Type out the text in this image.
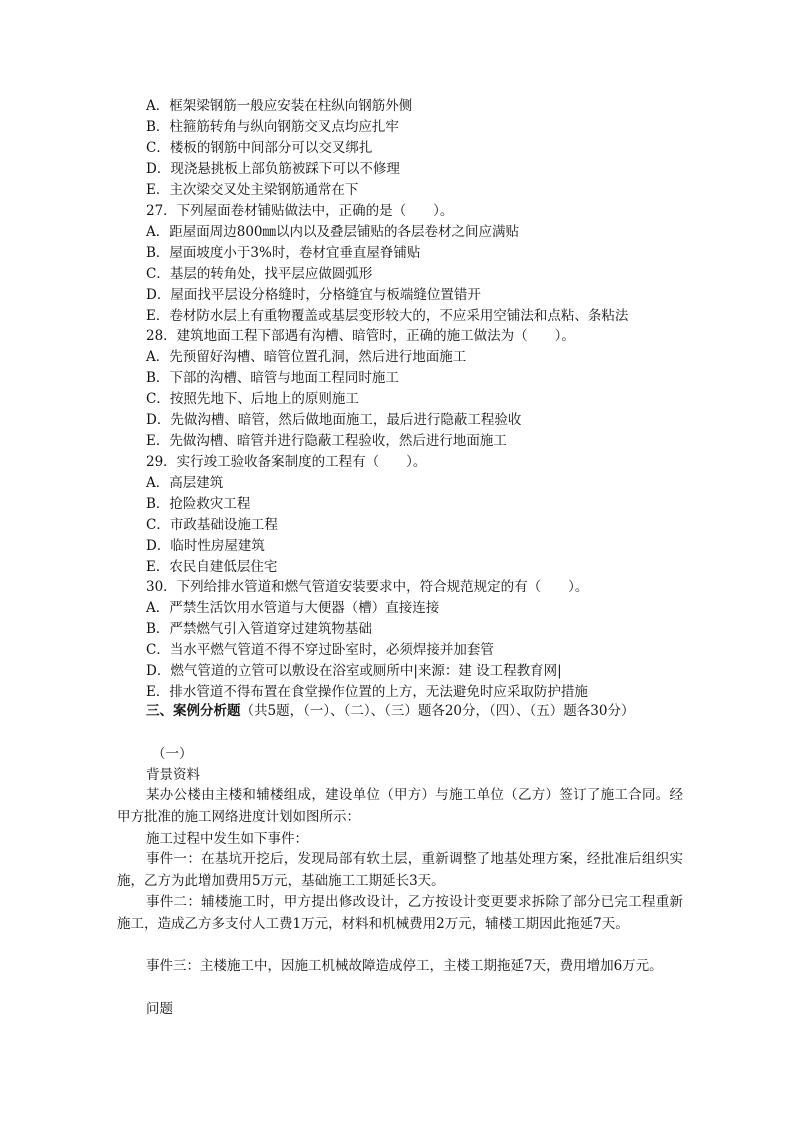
A．框架梁钢筋一般应安装在柱纵向钢筋外侧
B．柱箍筋转角与纵向钢筋交叉点均应扎牢
C．楼板的钢筋中间部分可以交叉绑扎
D．现浇悬挑板上部负筋被踩下可以不修理
E．主次梁交叉处主梁钢筋通常在下
27．下列屋面卷材铺贴做法中，正确的是（　　）。
A．距屋面周边800㎜以内以及叠层铺贴的各层卷材之间应满贴
B．屋面坡度小于3%时，卷材宜垂直屋脊铺贴
C．基层的转角处，找平层应做圆弧形
D．屋面找平层设分格缝时，分格缝宜与板端缝位置错开
E．卷材防水层上有重物覆盖或基层变形较大的，不应采用空铺法和点粘、条粘法
28．建筑地面工程下部遇有沟槽、暗管时，正确的施工做法为（　　）。
A．先预留好沟槽、暗管位置孔洞，然后进行地面施工
B．下部的沟槽、暗管与地面工程同时施工
C．按照先地下、后地上的原则施工
D．先做沟槽、暗管，然后做地面施工，最后进行隐蔽工程验收
E．先做沟槽、暗管并进行隐蔽工程验收，然后进行地面施工
29．实行竣工验收备案制度的工程有（　　）。
A．高层建筑
B．抢险救灾工程
C．市政基础设施工程
D．临时性房屋建筑
E．农民自建低层住宅
30．下列给排水管道和燃气管道安装要求中，符合规范规定的有（　　）。
A．严禁生活饮用水管道与大便器（槽）直接连接
B．严禁燃气引入管道穿过建筑物基础
C．当水平燃气管道不得不穿过卧室时，必须焊接并加套管
D．燃气管道的立管可以敷设在浴室或厕所中|来源：建 设工程教育网|
E．排水管道不得布置在食堂操作位置的上方，无法避免时应采取防护措施
三、案例分析题（共5题，（一）、（二）、（三）题各20分，（四）、（五）题各30分）
（一）
背景资料
某办公楼由主楼和辅楼组成，建设单位（甲方）与施工单位（乙方）签订了施工合同。经甲方批准的施工网络进度计划如图所示：
施工过程中发生如下事件：
事件一：在基坑开挖后，发现局部有软土层，重新调整了地基处理方案，经批准后组织实施，乙方为此增加费用5万元，基础施工工期延长3天。
事件二：辅楼施工时，甲方提出修改设计，乙方按设计变更要求拆除了部分已完工程重新施工，造成乙方多支付人工费1万元，材料和机械费用2万元，辅楼工期因此拖延7天。
事件三：主楼施工中，因施工机械故障造成停工，主楼工期拖延7天，费用增加6万元。
问题
